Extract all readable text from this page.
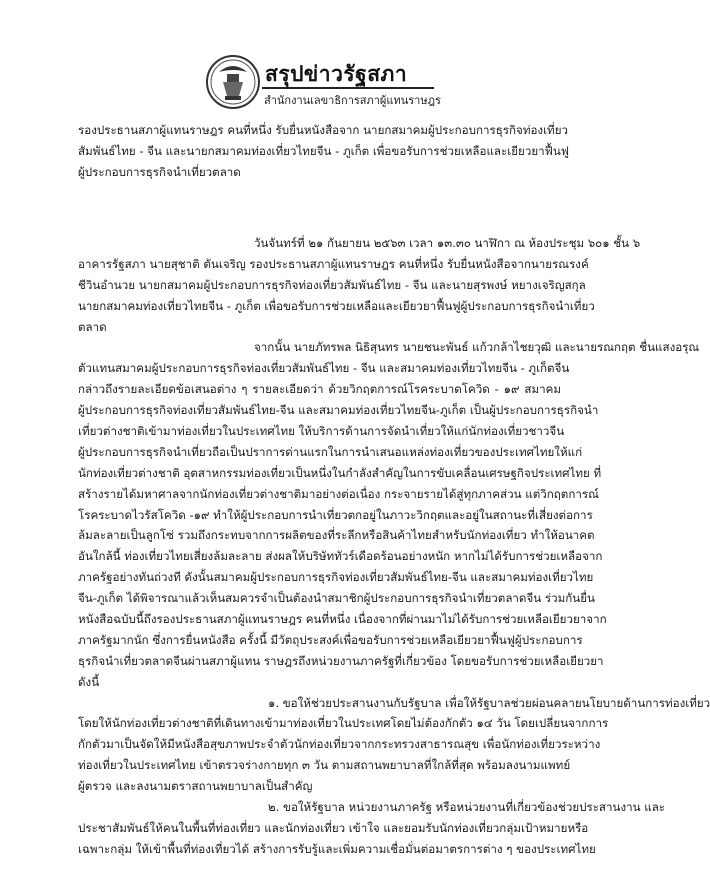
สรุปข่าวรัฐสภา
สำนักงานเลขาธิการสภาผู้แทนราษฎร
รองประธานสภาผู้แทนราษฎร คนที่หนึ่ง รับยื่นหนังสือจาก นายกสมาคมผู้ประกอบการธุรกิจท่องเที่ยว
สัมพันธ์ไทย - จีน และนายกสมาคมท่องเที่ยวไทยจีน - ภูเก็ต เพื่อขอรับการช่วยเหลือและเยียวยาฟื้นฟู
ผู้ประกอบการธุรกิจนำเที่ยวตลาด
วันจันทร์ที่ ๒๑ กันยายน ๒๕๖๓ เวลา ๑๓.๓๐ นาฬิกา ณ ห้องประชุม ๖๐๑ ชั้น ๖
อาคารรัฐสภา นายสุชาติ ตันเจริญ รองประธานสภาผู้แทนราษฎร คนที่หนึ่ง รับยื่นหนังสือจากนายรณรงค์
ชีวินอำนวย นายกสมาคมผู้ประกอบการธุรกิจท่องเที่ยวสัมพันธ์ไทย - จีน และนายสุรพงษ์ หยางเจริญสกุล
นายกสมาคมท่องเที่ยวไทยจีน - ภูเก็ต เพื่อขอรับการช่วยเหลือและเยียวยาฟื้นฟูผู้ประกอบการธุรกิจนำเที่ยว
ตลาด
จากนั้น นายภัทรพล นิธิสุนทร นายชนะพันธ์ แก้วกล้าไชยวุฒิ และนายรณกฤต ชื่นแสงอรุณ
ตัวแทนสมาคมผู้ประกอบการธุรกิจท่องเที่ยวสัมพันธ์ไทย - จีน และสมาคมท่องเที่ยวไทยจีน - ภูเก็ตจีน
กล่าวถึงรายละเอียดข้อเสนอต่าง ๆ รายละเอียดว่า ด้วยวิกฤตการณ์โรคระบาดโควิด - ๑๙ สมาคม
ผู้ประกอบการธุรกิจท่องเที่ยวสัมพันธ์ไทย-จีน และสมาคมท่องเที่ยวไทยจีน-ภูเก็ต เป็นผู้ประกอบการธุรกิจนำ
เที่ยวต่างชาติเข้ามาท่องเที่ยวในประเทศไทย ให้บริการด้านการจัดนำเที่ยวให้แก่นักท่องเที่ยวชาวจีน
ผู้ประกอบการธุรกิจนำเที่ยวถือเป็นปราการด่านแรกในการนำเสนอแหล่งท่องเที่ยวของประเทศไทยให้แก่
นักท่องเที่ยวต่างชาติ อุตสาหกรรมท่องเที่ยวเป็นหนึ่งในกำลังสำคัญในการขับเคลื่อนเศรษฐกิจประเทศไทย ที่
สร้างรายได้มหาศาลจากนักท่องเที่ยวต่างชาติมาอย่างต่อเนื่อง กระจายรายได้สู่ทุกภาคส่วน แต่วิกฤตการณ์
โรคระบาดไวรัสโควิด -๑๙ ทำให้ผู้ประกอบการนำเที่ยวตกอยู่ในภาวะวิกฤตและอยู่ในสถานะที่เสี่ยงต่อการ
ล้มละลายเป็นลูกโซ่ รวมถึงกระทบจากการผลิตของที่ระลึกหรือสินค้าไทยสำหรับนักท่องเที่ยว ทำให้อนาคต
อันใกล้นี้ ท่องเที่ยวไทยเสี่ยงล้มละลาย ส่งผลให้บริษัททัวร์เดือดร้อนอย่างหนัก หากไม่ได้รับการช่วยเหลือจาก
ภาครัฐอย่างทันถ่วงที ดังนั้นสมาคมผู้ประกอบการธุรกิจท่องเที่ยวสัมพันธ์ไทย-จีน และสมาคมท่องเที่ยวไทย
จีน-ภูเก็ต ได้พิจารณาแล้วเห็นสมควรจำเป็นต้องนำสมาชิกผู้ประกอบการธุรกิจนำเที่ยวตลาดจีน ร่วมกันยื่น
หนังสือฉบับนี้ถึงรองประธานสภาผู้แทนราษฎร คนที่หนึ่ง เนื่องจากที่ผ่านมาไม่ได้รับการช่วยเหลือเยียวยาจาก
ภาครัฐมากนัก ซึ่งการยื่นหนังสือ ครั้งนี้ มีวัตถุประสงค์เพื่อขอรับการช่วยเหลือเยียวยาฟื้นฟูผู้ประกอบการ
ธุรกิจนำเที่ยวตลาดจีนผ่านสภาผู้แทน ราษฎรถึงหน่วยงานภาครัฐที่เกี่ยวข้อง โดยขอรับการช่วยเหลือเยียวยา
ดังนี้
๑. ขอให้ช่วยประสานงานกับรัฐบาล เพื่อให้รัฐบาลช่วยผ่อนคลายนโยบายด้านการท่องเที่ยว
โดยให้นักท่องเที่ยวต่างชาติที่เดินทางเข้ามาท่องเที่ยวในประเทศโดยไม่ต้องกักตัว ๑๔ วัน โดยเปลี่ยนจากการ
กักตัวมาเป็นจัดให้มีหนังสือสุขภาพประจำตัวนักท่องเที่ยวจากกระทรวงสาธารณสุข เพื่อนักท่องเที่ยวระหว่าง
ท่องเที่ยวในประเทศไทย เข้าตรวจร่างกายทุก ๓ วัน ตามสถานพยาบาลที่ใกล้ที่สุด พร้อมลงนามแพทย์
ผู้ตรวจ และลงนามตราสถานพยาบาลเป็นสำคัญ
๒. ขอให้รัฐบาล หน่วยงานภาครัฐ หรือหน่วยงานที่เกี่ยวข้องช่วยประสานงาน และ
ประชาสัมพันธ์ให้คนในพื้นที่ท่องเที่ยว และนักท่องเที่ยว เข้าใจ และยอมรับนักท่องเที่ยวกลุ่มเป้าหมายหรือ
เฉพาะกลุ่ม ให้เข้าพื้นที่ท่องเที่ยวได้ สร้างการรับรู้และเพิ่มความเชื่อมั่นต่อมาตรการต่าง ๆ ของประเทศไทย
